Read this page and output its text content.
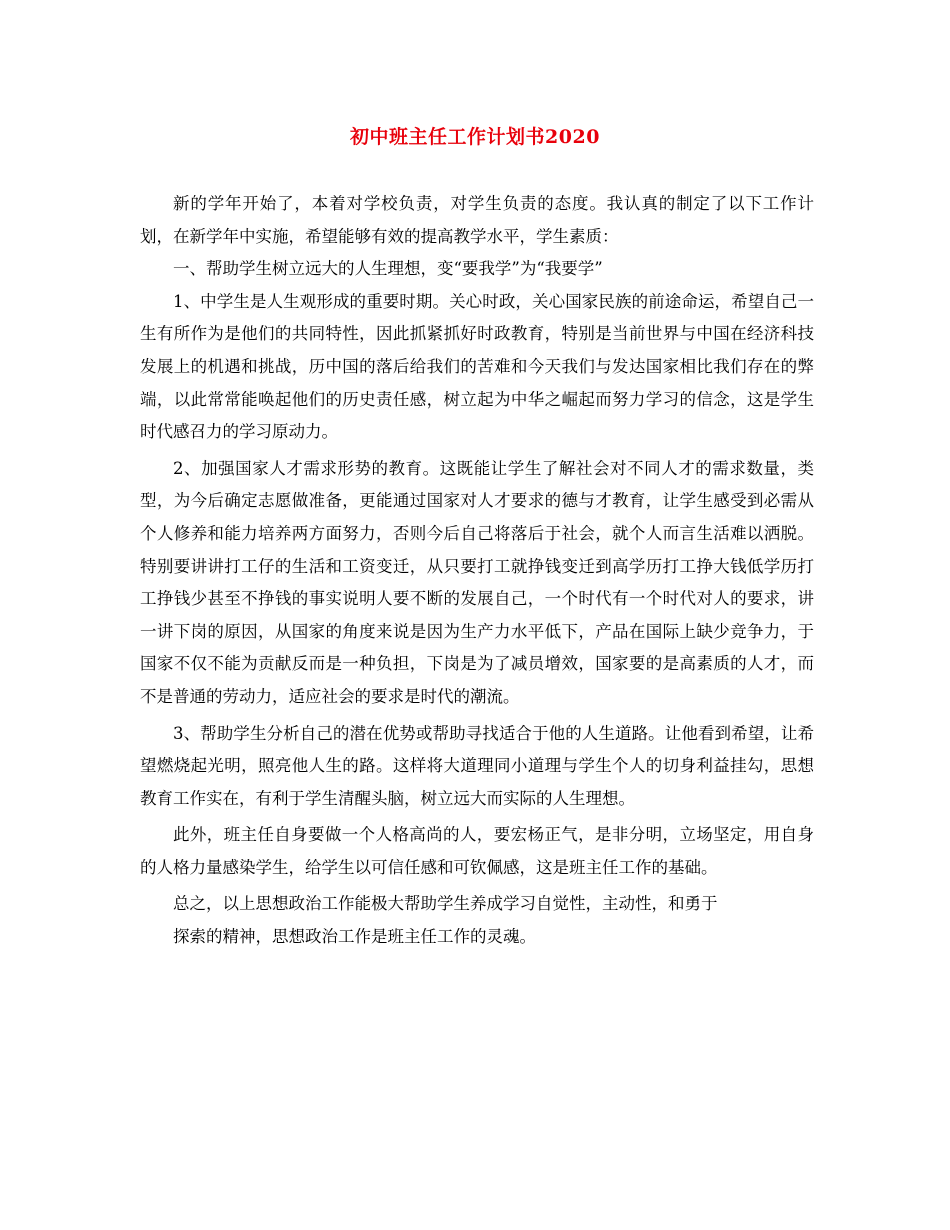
初中班主任工作计划书2020

新的学年开始了，本着对学校负责，对学生负责的态度。我认真的制定了以下工作计划，在新学年中实施，希望能够有效的提高教学水平，学生素质：

一、帮助学生树立远大的人生理想，变“要我学”为“我要学”

1、中学生是人生观形成的重要时期。关心时政，关心国家民族的前途命运，希望自己一生有所作为是他们的共同特性，因此抓紧抓好时政教育，特别是当前世界与中国在经济科技发展上的机遇和挑战，历中国的落后给我们的苦难和今天我们与发达国家相比我们存在的弊端，以此常常能唤起他们的历史责任感，树立起为中华之崛起而努力学习的信念，这是学生时代感召力的学习原动力。

2、加强国家人才需求形势的教育。这既能让学生了解社会对不同人才的需求数量，类型，为今后确定志愿做准备，更能通过国家对人才要求的德与才教育，让学生感受到必需从个人修养和能力培养两方面努力，否则今后自己将落后于社会，就个人而言生活难以洒脱。特别要讲讲打工仔的生活和工资变迁，从只要打工就挣钱变迁到高学历打工挣大钱低学历打工挣钱少甚至不挣钱的事实说明人要不断的发展自己，一个时代有一个时代对人的要求，讲一讲下岗的原因，从国家的角度来说是因为生产力水平低下，产品在国际上缺少竞争力，于国家不仅不能为贡献反而是一种负担，下岗是为了减员增效，国家要的是高素质的人才，而不是普通的劳动力，适应社会的要求是时代的潮流。

3、帮助学生分析自己的潜在优势或帮助寻找适合于他的人生道路。让他看到希望，让希望燃烧起光明，照亮他人生的路。这样将大道理同小道理与学生个人的切身利益挂勾，思想教育工作实在，有利于学生清醒头脑，树立远大而实际的人生理想。

此外，班主任自身要做一个人格高尚的人，要宏杨正气，是非分明，立场坚定，用自身的人格力量感染学生，给学生以可信任感和可钦佩感，这是班主任工作的基础。

总之，以上思想政治工作能极大帮助学生养成学习自觉性，主动性，和勇于
探索的精神，思想政治工作是班主任工作的灵魂。
